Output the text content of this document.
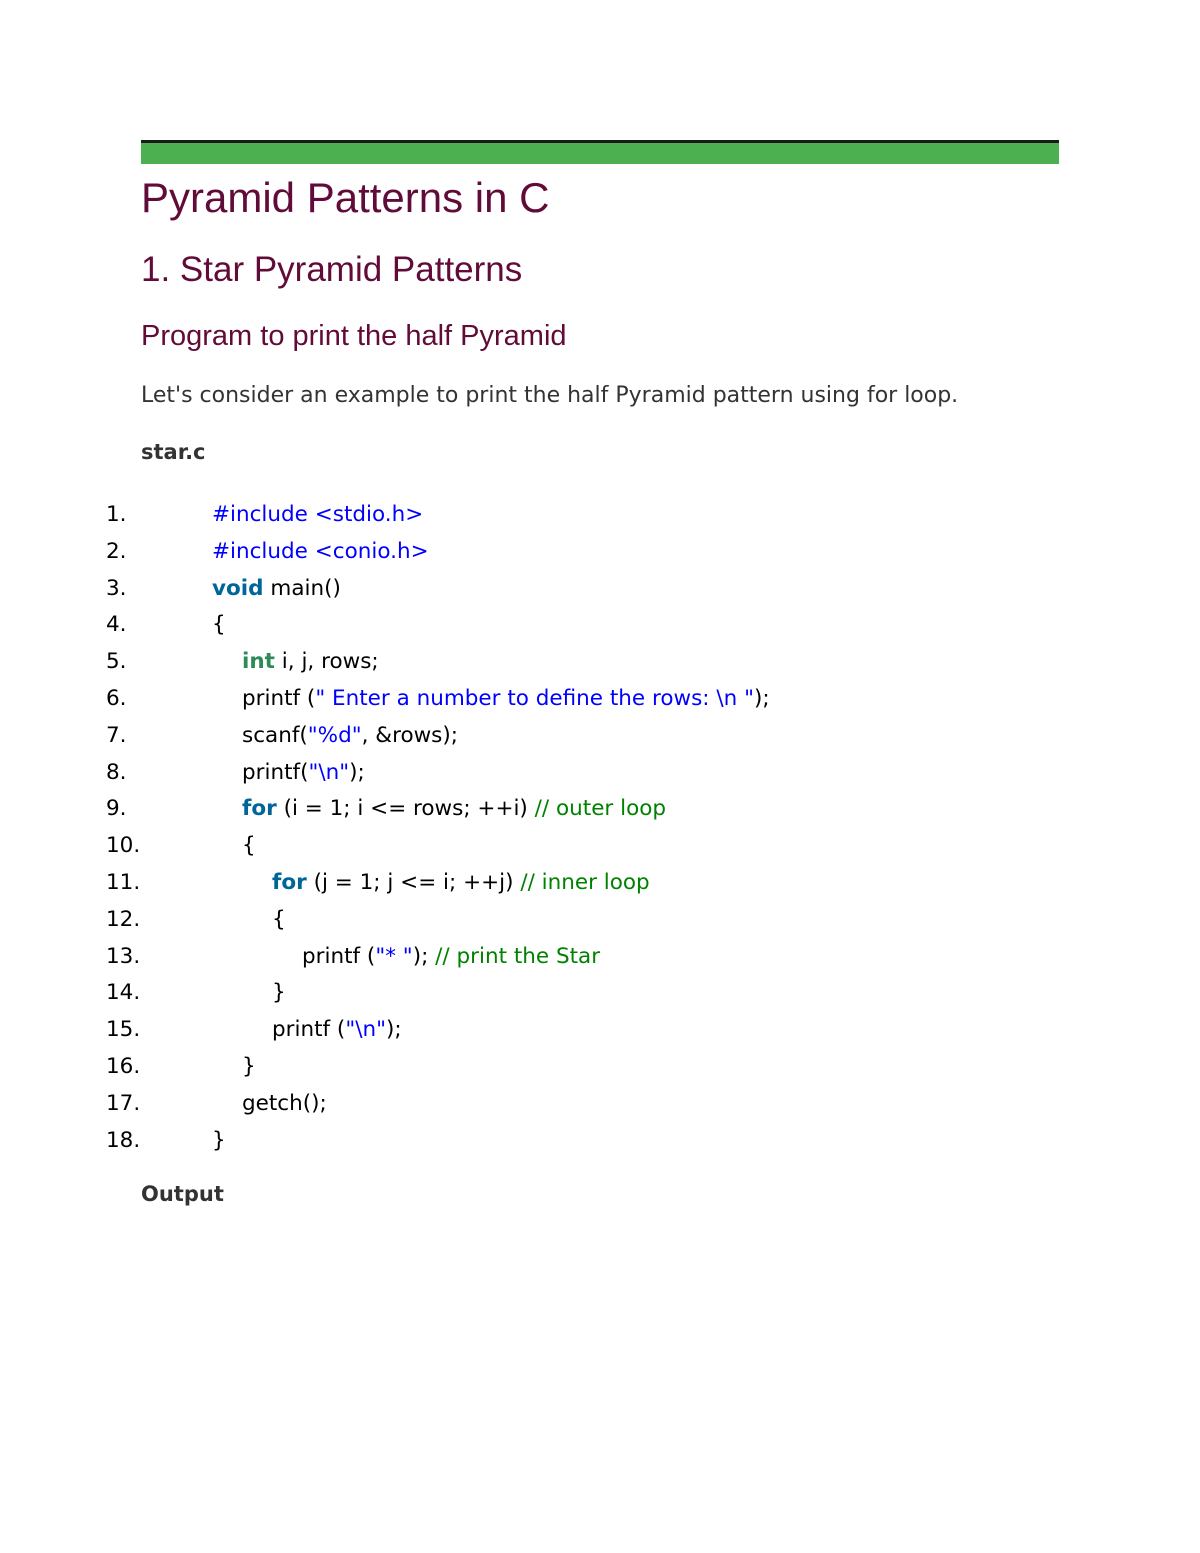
Pyramid Patterns in C
1. Star Pyramid Patterns
Program to print the half Pyramid
Let's consider an example to print the half Pyramid pattern using for loop.
star.c
1.	#include <stdio.h>
2.	#include <conio.h>
3.	void main()
4.	{
5.	int i, j, rows;
6.	printf (" Enter a number to define the rows: \n ");
7.	scanf("%d", &rows);
8.	printf("\n");
9.	for (i = 1; i <= rows; ++i) // outer loop
10.	{
11.	for (j = 1; j <= i; ++j) // inner loop
12.	{
13.	printf ("* "); // print the Star
14.	}
15.	printf ("\n");
16.	}
17.	getch();
18.	}
Output
